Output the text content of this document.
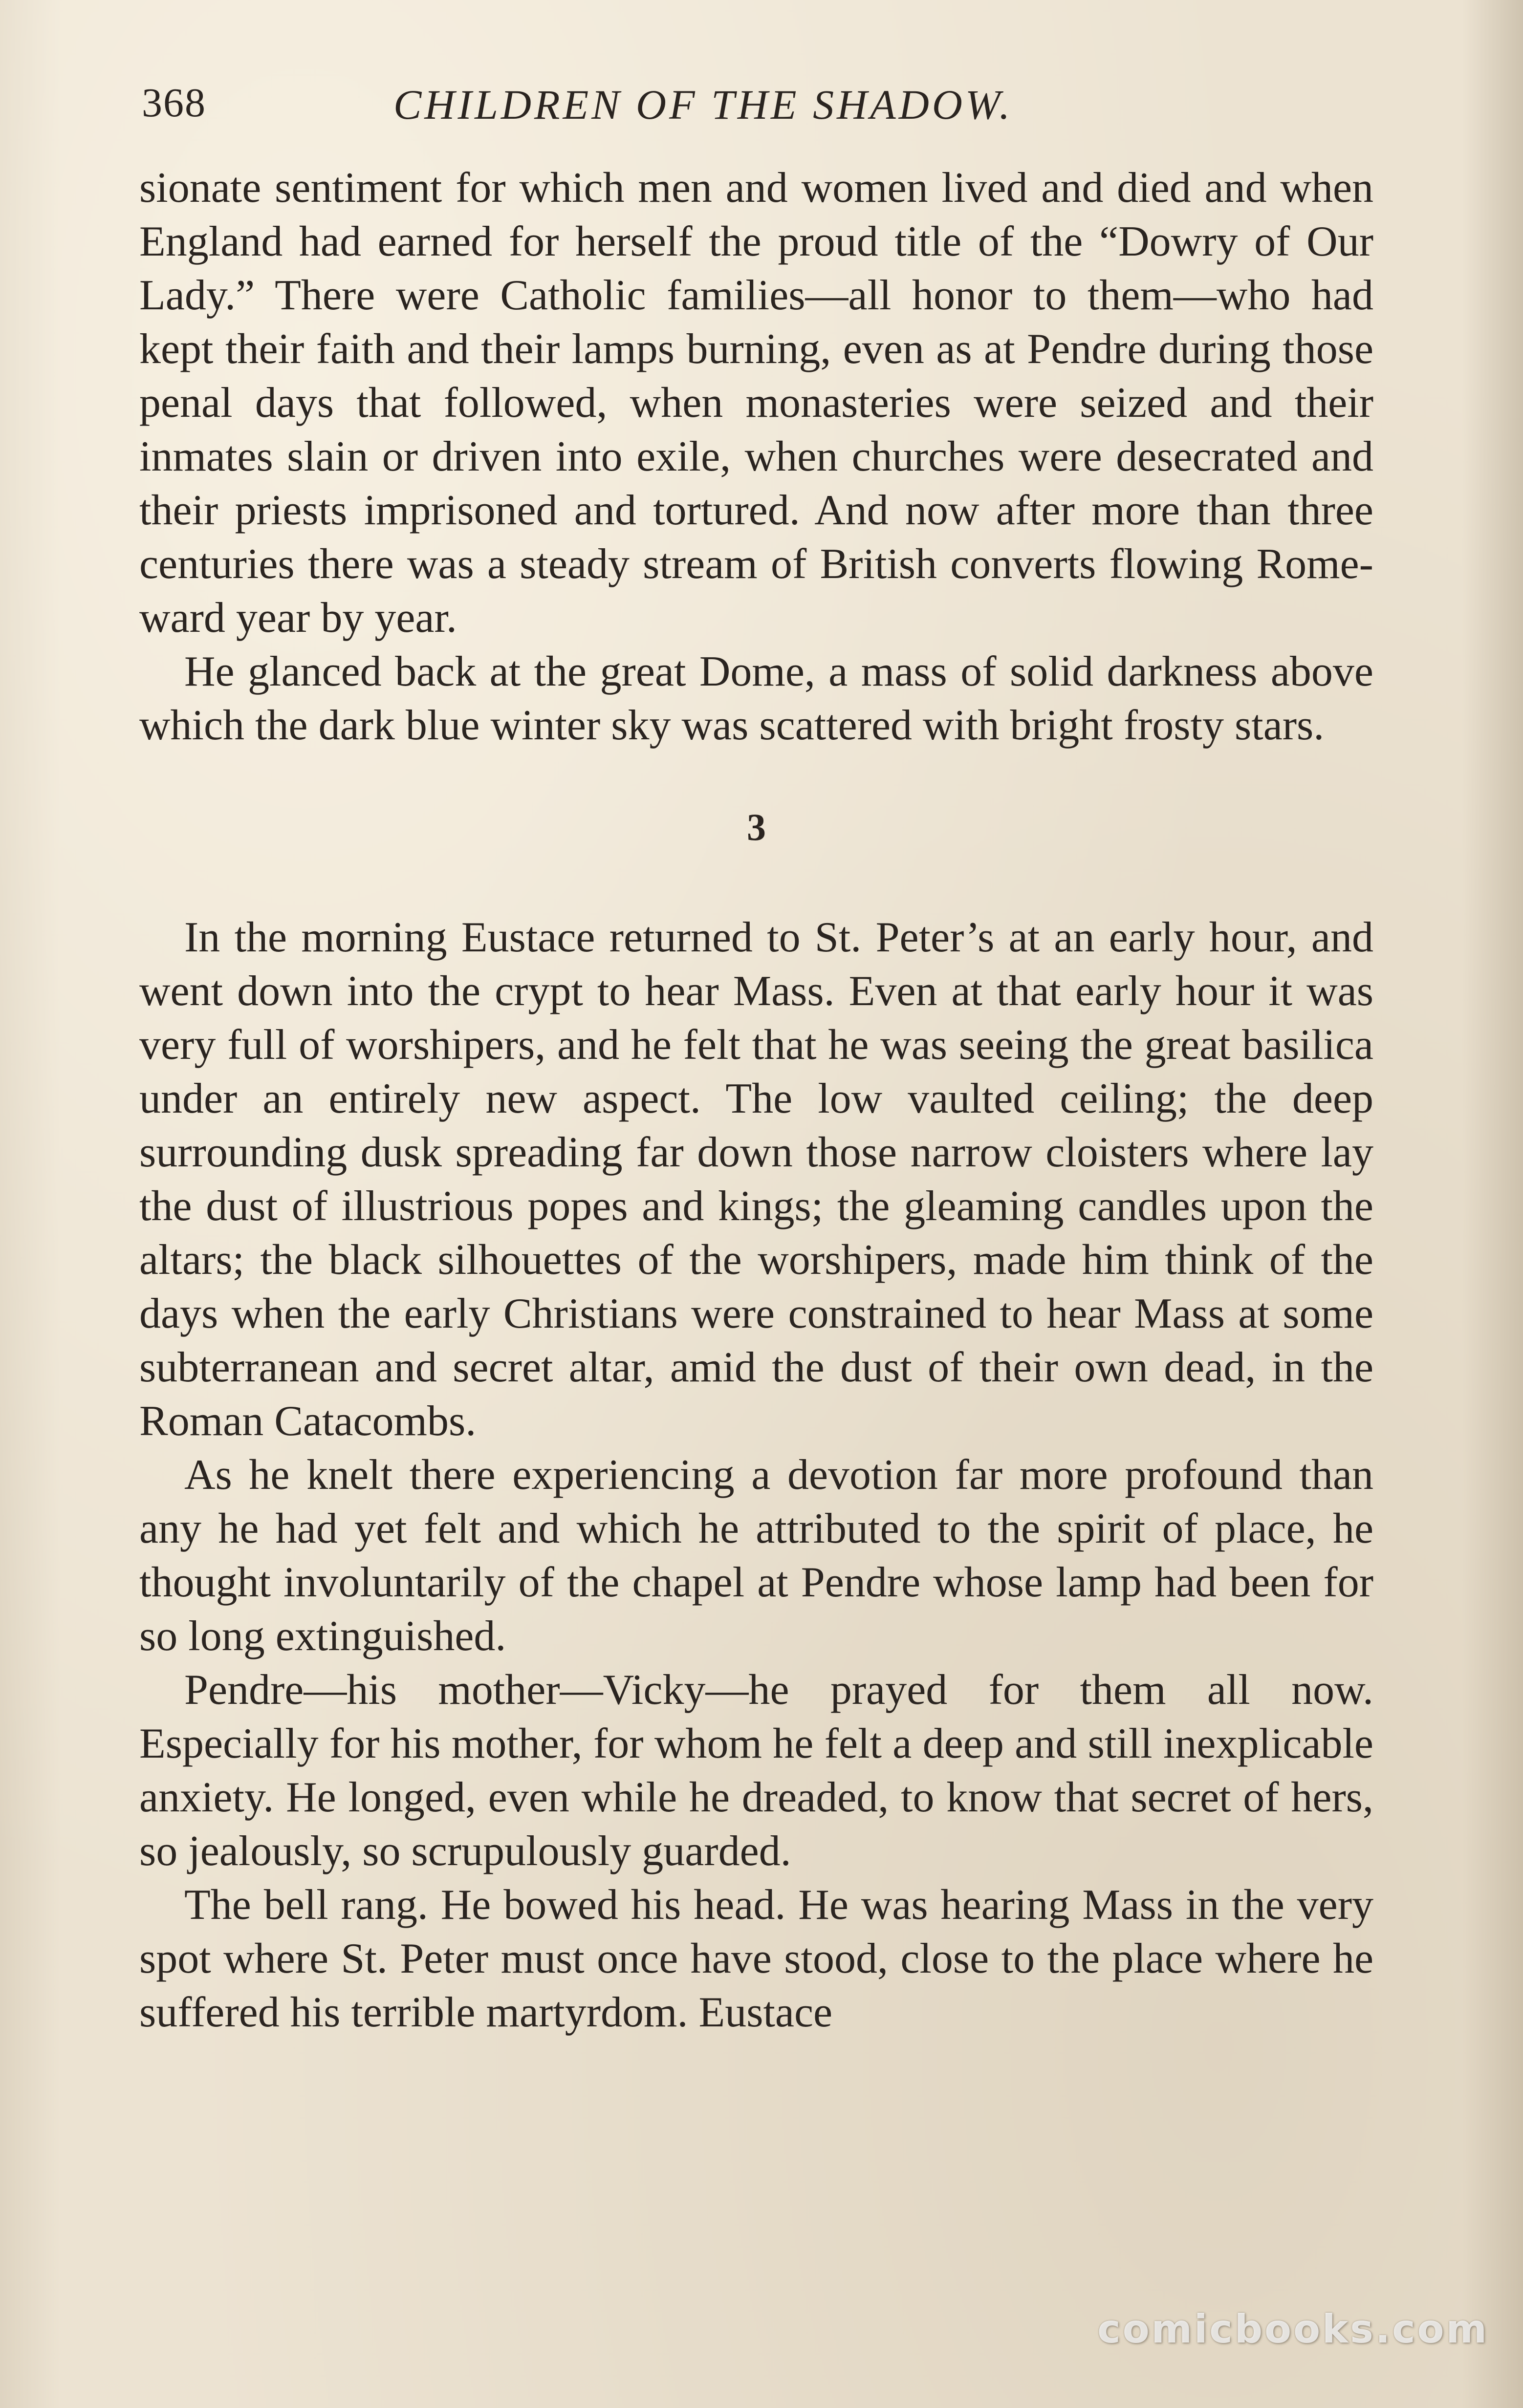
368	CHILDREN OF THE SHADOW.

sionate sentiment for which men and women lived and died and when England had earned for herself the proud title of the “Dowry of Our Lady.” There were Catholic families—all honor to them—who had kept their faith and their lamps burning, even as at Pendre during those penal days that followed, when monasteries were seized and their inmates slain or driven into exile, when churches were desecrated and their priests imprisoned and tortured. And now after more than three centuries there was a steady stream of British converts flowing Rome-ward year by year.

He glanced back at the great Dome, a mass of solid darkness above which the dark blue winter sky was scattered with bright frosty stars.

3

In the morning Eustace returned to St. Peter’s at an early hour, and went down into the crypt to hear Mass. Even at that early hour it was very full of worshipers, and he felt that he was seeing the great basilica under an entirely new aspect. The low vaulted ceiling; the deep surrounding dusk spreading far down those narrow cloisters where lay the dust of illustrious popes and kings; the gleaming candles upon the altars; the black silhouettes of the worshipers, made him think of the days when the early Christians were constrained to hear Mass at some subterranean and secret altar, amid the dust of their own dead, in the Roman Catacombs.

As he knelt there experiencing a devotion far more profound than any he had yet felt and which he attributed to the spirit of place, he thought involuntarily of the chapel at Pendre whose lamp had been for so long extinguished.

Pendre—his mother—Vicky—he prayed for them all now. Especially for his mother, for whom he felt a deep and still inexplicable anxiety. He longed, even while he dreaded, to know that secret of hers, so jealously, so scrupulously guarded.

The bell rang. He bowed his head. He was hearing Mass in the very spot where St. Peter must once have stood, close to the place where he suffered his terrible martyrdom. Eustace

comicbooks.com
